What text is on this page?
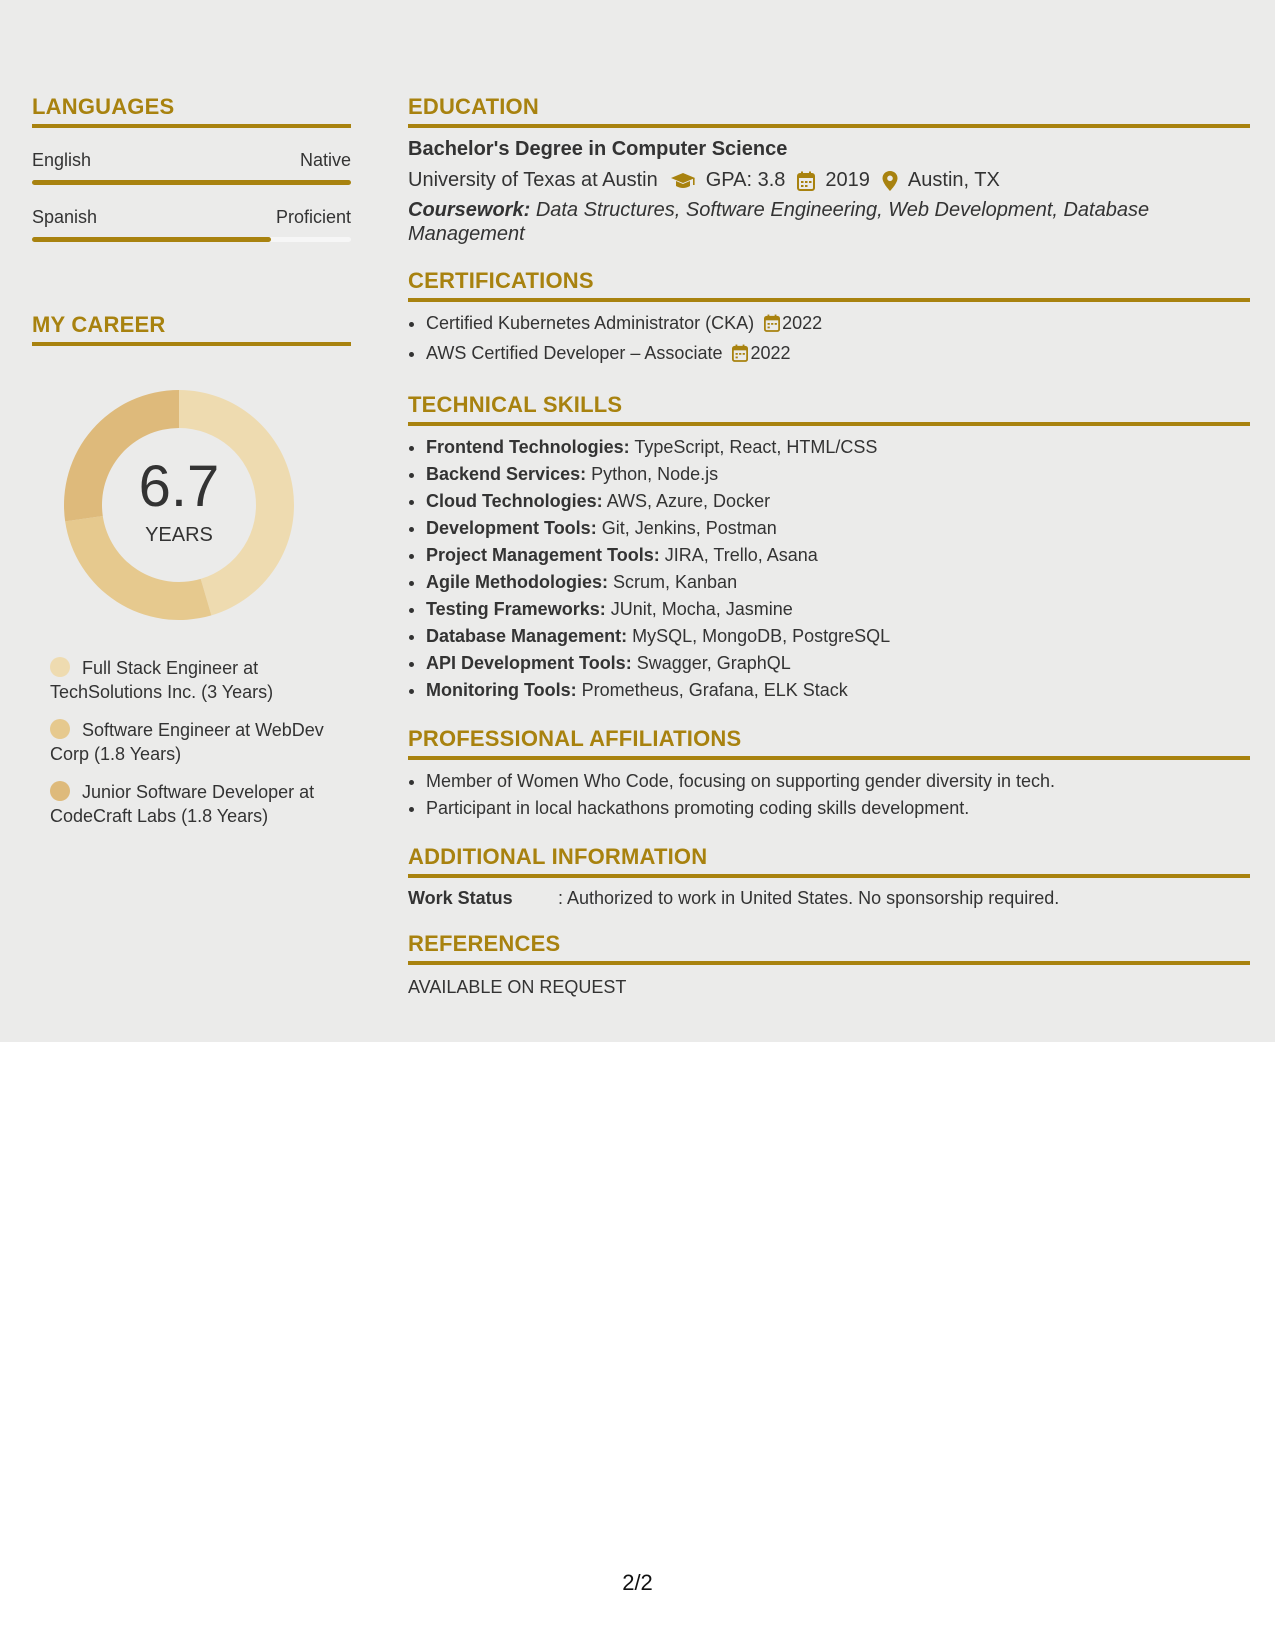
LANGUAGES
English	Native
Spanish	Proficient
MY CAREER
6.7
YEARS
Full Stack Engineer at TechSolutions Inc. (3 Years)
Software Engineer at WebDev Corp (1.8 Years)
Junior Software Developer at CodeCraft Labs (1.8 Years)
EDUCATION
Bachelor's Degree in Computer Science
University of Texas at Austin GPA: 3.8 2019 Austin, TX
Coursework: Data Structures, Software Engineering, Web Development, Database Management
CERTIFICATIONS
• Certified Kubernetes Administrator (CKA) 2022
• AWS Certified Developer – Associate 2022
TECHNICAL SKILLS
• Frontend Technologies: TypeScript, React, HTML/CSS
• Backend Services: Python, Node.js
• Cloud Technologies: AWS, Azure, Docker
• Development Tools: Git, Jenkins, Postman
• Project Management Tools: JIRA, Trello, Asana
• Agile Methodologies: Scrum, Kanban
• Testing Frameworks: JUnit, Mocha, Jasmine
• Database Management: MySQL, MongoDB, PostgreSQL
• API Development Tools: Swagger, GraphQL
• Monitoring Tools: Prometheus, Grafana, ELK Stack
PROFESSIONAL AFFILIATIONS
• Member of Women Who Code, focusing on supporting gender diversity in tech.
• Participant in local hackathons promoting coding skills development.
ADDITIONAL INFORMATION
Work Status	: Authorized to work in United States. No sponsorship required.
REFERENCES
AVAILABLE ON REQUEST
2/2
